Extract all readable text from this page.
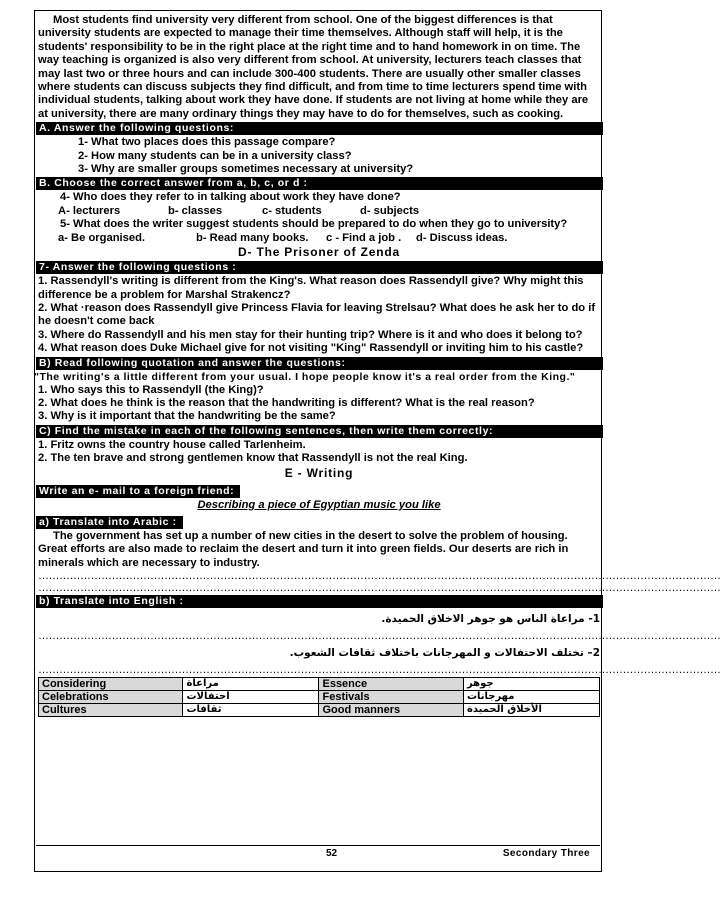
Most students find university very different from school. One of the biggest differences is that university students are expected to manage their time themselves. Although staff will help, it is the students' responsibility to be in the right place at the right time and to hand homework in on time. The way teaching is organized is also very different from school. At university, lecturers teach classes that may last two or three hours and can include 300-400 students. There are usually other smaller classes where students can discuss subjects they find difficult, and from time to time lecturers spend time with individual students, talking about work they have done. If students are not living at home while they are at university, there are many ordinary things they may have to do for themselves, such as cooking.

A. Answer the following questions:
1- What two places does this passage compare?
2- How many students can be in a university class?
3- Why are smaller groups sometimes necessary at university?
B. Choose the correct answer from a, b, c, or d :
4- Who does they refer to in talking about work they have done?
A- lecturers	b- classes	c- students	d- subjects
5- What does the writer suggest students should be prepared to do when they go to university?
a- Be organised.	b- Read many books. c - Find a job . d- Discuss ideas.
D- The Prisoner of Zenda
7- Answer the following questions :
1. Rassendyll's writing is different from the King's. What reason does Rassendyll give? Why might this difference be a problem for Marshal Strakencz?
2. What ·reason does Rassendyll give Princess Flavia for leaving Strelsau? What does he ask her to do if he doesn't come back
3. Where do Rassendyll and his men stay for their hunting trip? Where is it and who does it belong to?
4. What reason does Duke Michael give for not visiting "King" Rassendyll or inviting him to his castle?
B) Read following quotation and answer the questions:
"The writing's a little different from your usual. I hope people know it's a real order from the King."
1. Who says this to Rassendyll (the King)?
2. What does he think is the reason that the handwriting is different? What is the real reason?
3. Why is it important that the handwriting be the same?
C) Find the mistake in each of the following sentences, then write them correctly:
1. Fritz owns the country house called Tarlenheim.
2. The ten brave and strong gentlemen know that Rassendyll is not the real King.
E - Writing
Write an e- mail to a foreign friend:
Describing a piece of Egyptian music you like
a) Translate into Arabic :

The government has set up a number of new cities in the desert to solve the problem of housing. Great efforts are also made to reclaim the desert and turn it into green fields. Our deserts are rich in minerals which are necessary to industry.

……………………………………………………………………………………………………………………………………………………………………………
……………………………………………………………………………………………………………………………………………………………………………
b) Translate into English :
1- مراعاة الناس هو جوهر الاخلاق الحميدة.
……………………………………………………………………………………………………………………………………………………………………………
2– تختلف الاحتفالات و المهرجانات باختلاف ثقافات الشعوب.
……………………………………………………………………………………………………………………………………………………………………………
Considering	مراعاة	Essence	جوهر
Celebrations	احتفالات	Festivals	مهرجانات
Cultures	ثقافات	Good manners	الأخلاق الحميدة
52	Secondary Three
